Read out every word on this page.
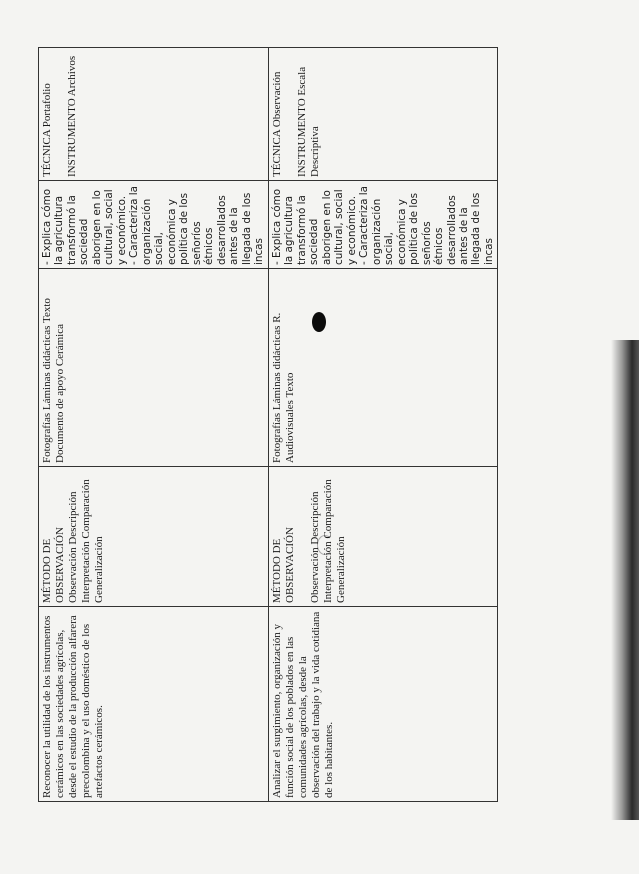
Reconocer la utilidad de los instrumentos cerámicos en las sociedades agrícolas, desde el estudio de la producción alfarera precolombina y el uso doméstico de los artefactos cerámicos.	MÉTODO DE OBSERVACIÓN Observación Descripción Interpretación Comparación Generalización	Fotografías Láminas didácticas Texto Documento de apoyo Cerámica	- Explica cómo la agricultura transformó la sociedad aborigen en lo cultural, social y económico. - Caracteriza la organización social, económica y política de los señoríos étnicos desarrollados antes de la llegada de los incas	TÉCNICA Portafolio INSTRUMENTO Archivos

Analizar el surgimiento, organización y función social de los poblados en las comunidades agrícolas, desde la observación del trabajo y la vida cotidiana de los habitantes.	MÉTODO DE OBSERVACIÓN Observación Descripción Interpretación Comparación Generalización	Fotografías Láminas didácticas R. Audiovisuales Texto	- Explica cómo la agricultura transformó la sociedad aborigen en lo cultural, social y económico. - Caracteriza la organización social, económica y política de los señoríos étnicos desarrollados antes de la llegada de los incas	TÉCNICA Observación INSTRUMENTO Escala Descriptiva
